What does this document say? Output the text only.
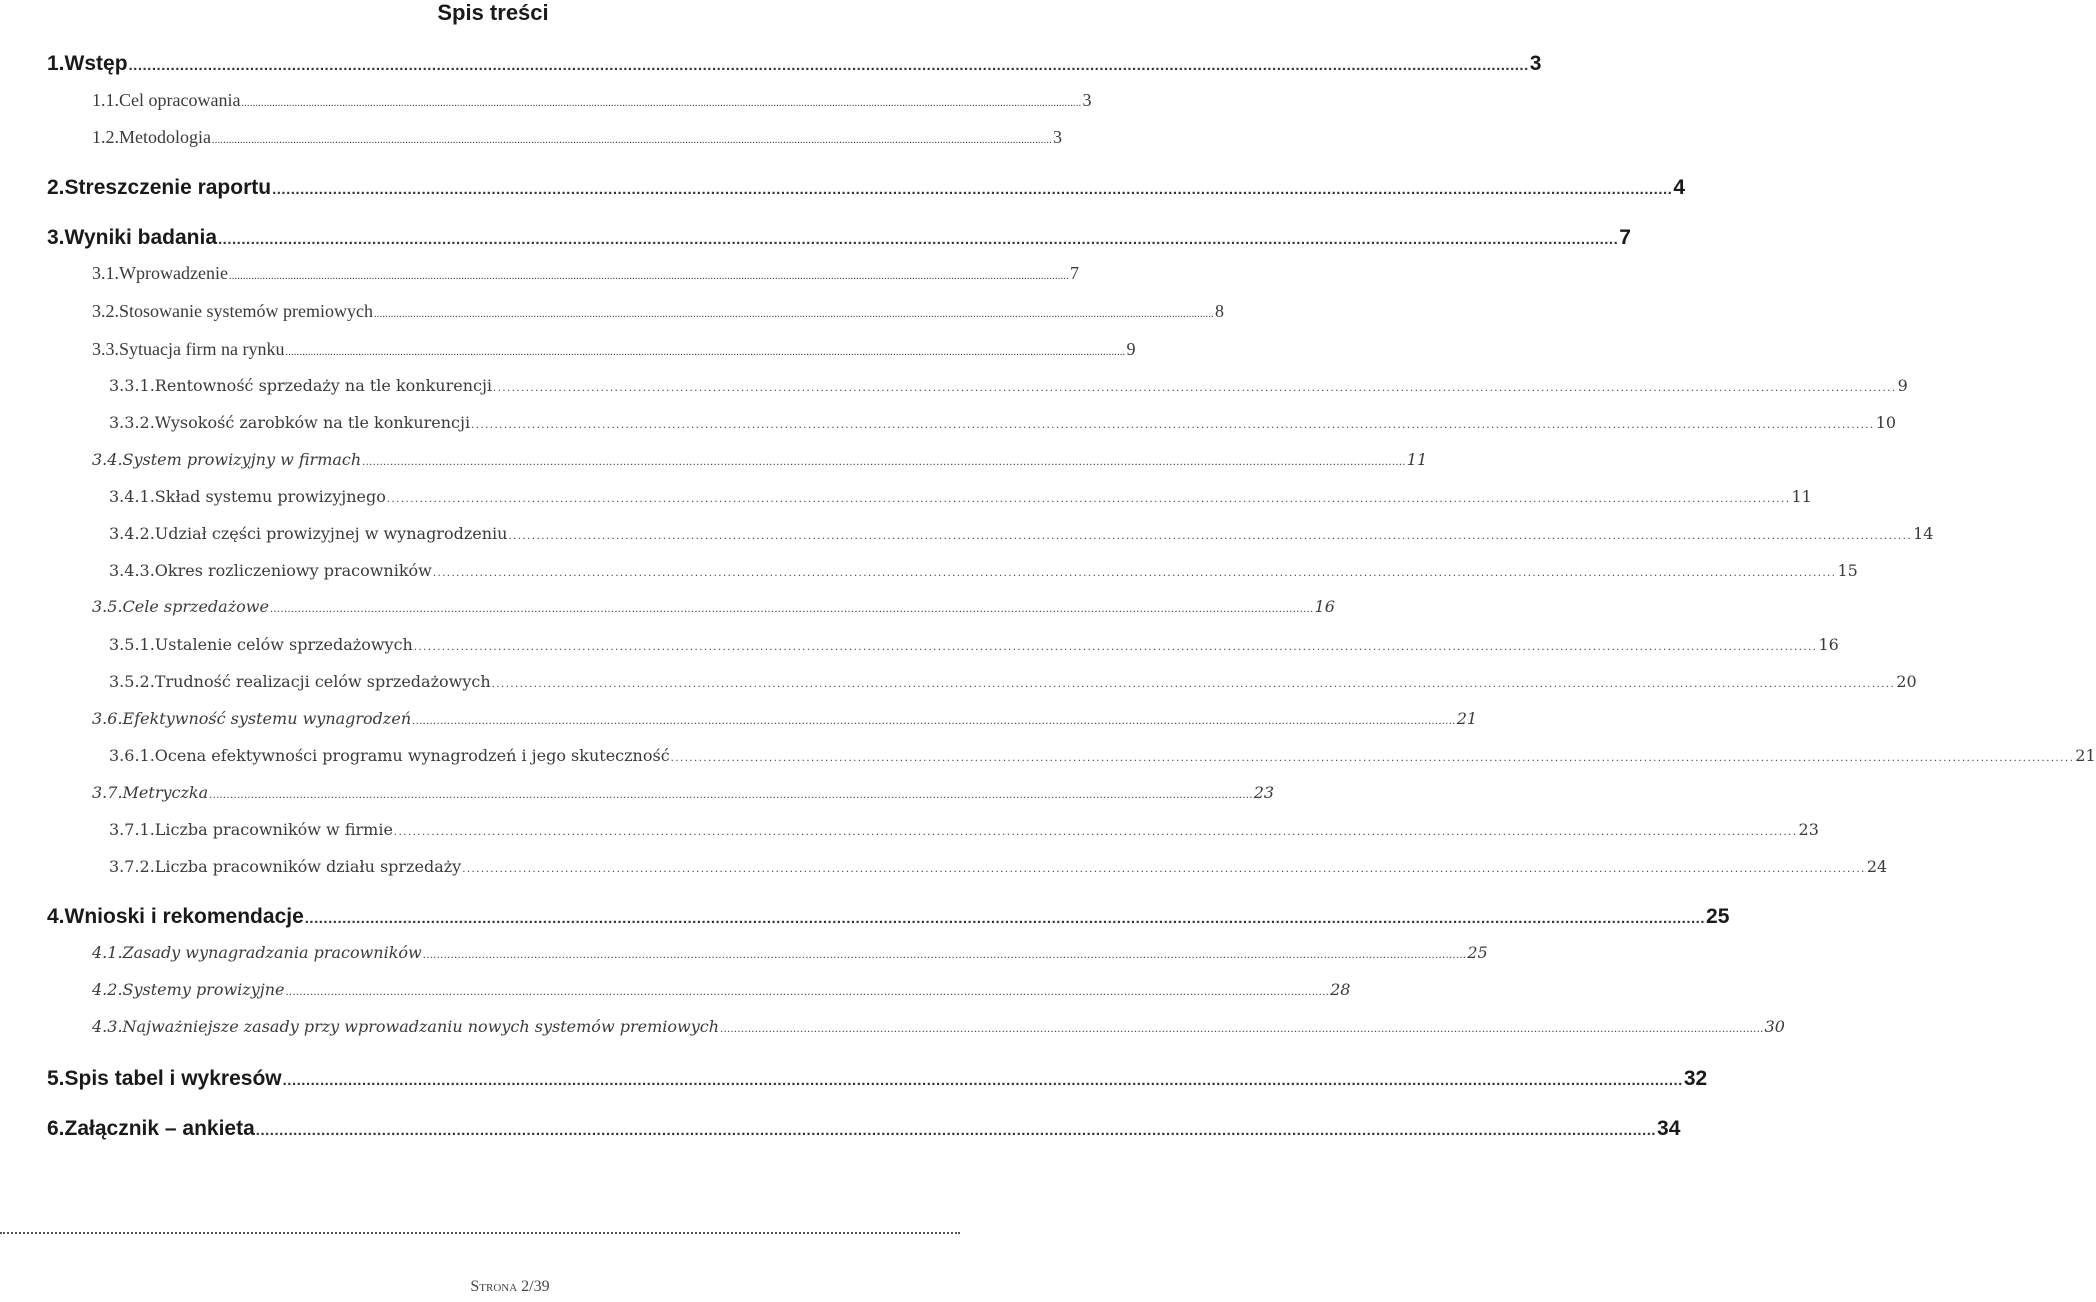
Spis treści
1. Wstęp ............................................................................................................................................................................................................................................................................................................ 3
1.1. Cel opracowania ............................................................................................................................................................................................................................................................................................................ 3
1.2. Metodologia ............................................................................................................................................................................................................................................................................................................ 3
2. Streszczenie raportu ............................................................................................................................................................................................................................................................................................................ 4
3. Wyniki badania ............................................................................................................................................................................................................................................................................................................ 7
3.1. Wprowadzenie ............................................................................................................................................................................................................................................................................................................ 7
3.2. Stosowanie systemów premiowych ............................................................................................................................................................................................................................................................................................................ 8
3.3. Sytuacja firm na rynku ............................................................................................................................................................................................................................................................................................................ 9
3.3.1. Rentowność sprzedaży na tle konkurencji ............................................................................................................................................................................................................................................................................................................ 9
3.3.2. Wysokość zarobków na tle konkurencji ............................................................................................................................................................................................................................................................................................................ 10
3.4. System prowizyjny w firmach ............................................................................................................................................................................................................................................................................................................ 11
3.4.1. Skład systemu prowizyjnego ............................................................................................................................................................................................................................................................................................................ 11
3.4.2. Udział części prowizyjnej w wynagrodzeniu ............................................................................................................................................................................................................................................................................................................ 14
3.4.3. Okres rozliczeniowy pracowników ............................................................................................................................................................................................................................................................................................................ 15
3.5. Cele sprzedażowe ............................................................................................................................................................................................................................................................................................................ 16
3.5.1. Ustalenie celów sprzedażowych ............................................................................................................................................................................................................................................................................................................ 16
3.5.2. Trudność realizacji celów sprzedażowych ............................................................................................................................................................................................................................................................................................................ 20
3.6. Efektywność systemu wynagrodzeń ............................................................................................................................................................................................................................................................................................................ 21
3.6.1. Ocena efektywności programu wynagrodzeń i jego skuteczność ............................................................................................................................................................................................................................................................................................................ 21
3.7. Metryczka ............................................................................................................................................................................................................................................................................................................ 23
3.7.1. Liczba pracowników w firmie ............................................................................................................................................................................................................................................................................................................ 23
3.7.2. Liczba pracowników działu sprzedaży ............................................................................................................................................................................................................................................................................................................ 24
4. Wnioski i rekomendacje ............................................................................................................................................................................................................................................................................................................ 25
4.1. Zasady wynagradzania pracowników ............................................................................................................................................................................................................................................................................................................ 25
4.2. Systemy prowizyjne ............................................................................................................................................................................................................................................................................................................ 28
4.3. Najważniejsze zasady przy wprowadzaniu nowych systemów premiowych ............................................................................................................................................................................................................................................................................................................ 30
5. Spis tabel i wykresów ............................................................................................................................................................................................................................................................................................................ 32
6. Załącznik – ankieta ............................................................................................................................................................................................................................................................................................................ 34
Strona 2/39
